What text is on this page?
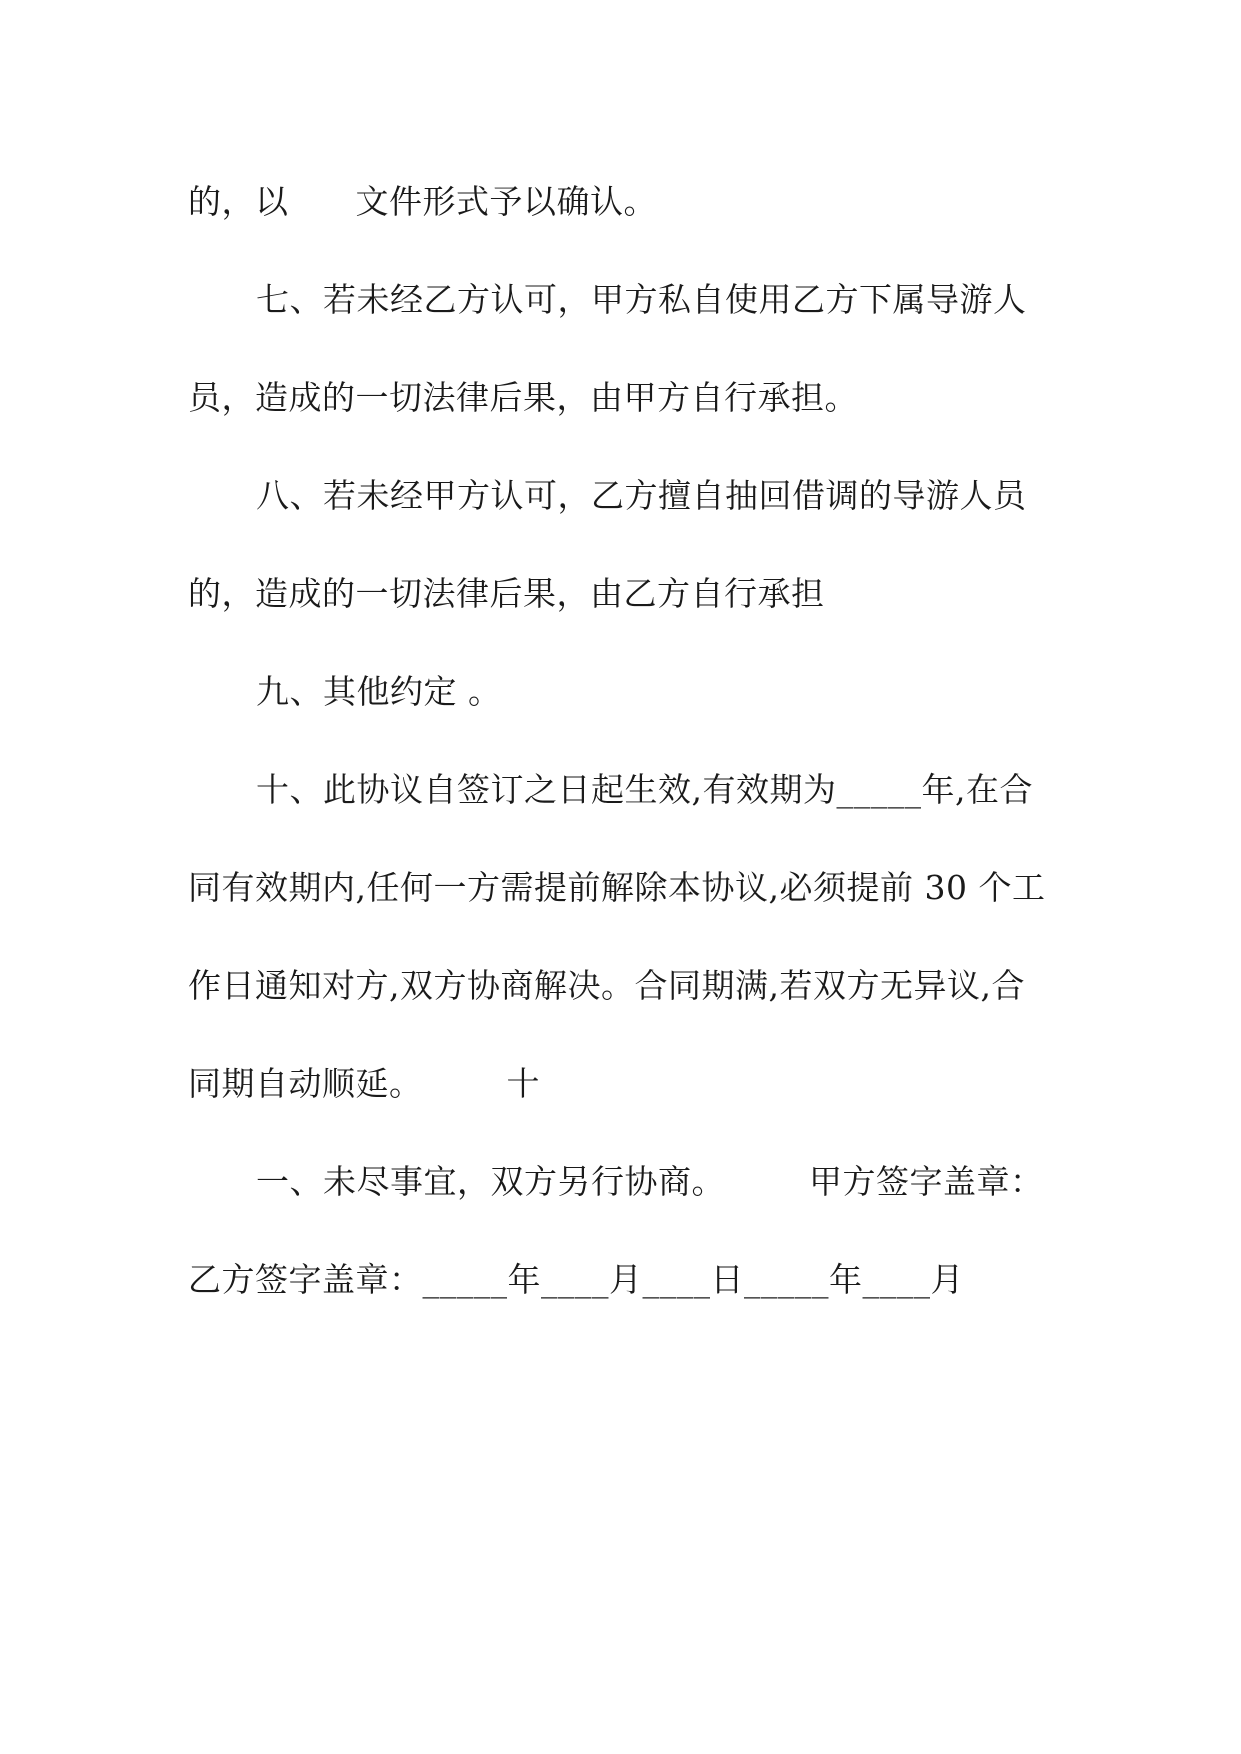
的，以　　文件形式予以确认。
七、若未经乙方认可，甲方私自使用乙方下属导游人
员，造成的一切法律后果，由甲方自行承担。
八、若未经甲方认可，乙方擅自抽回借调的导游人员
的，造成的一切法律后果，由乙方自行承担
九、其他约定 。
十、此协议自签订之日起生效,有效期为_____年,在合
同有效期内,任何一方需提前解除本协议,必须提前 30 个工
作日通知对方,双方协商解决。合同期满,若双方无异议,合
同期自动顺延。　　　十
一、未尽事宜，双方另行协商。　　　甲方签字盖章：
乙方签字盖章：_____年____月____日_____年____月
